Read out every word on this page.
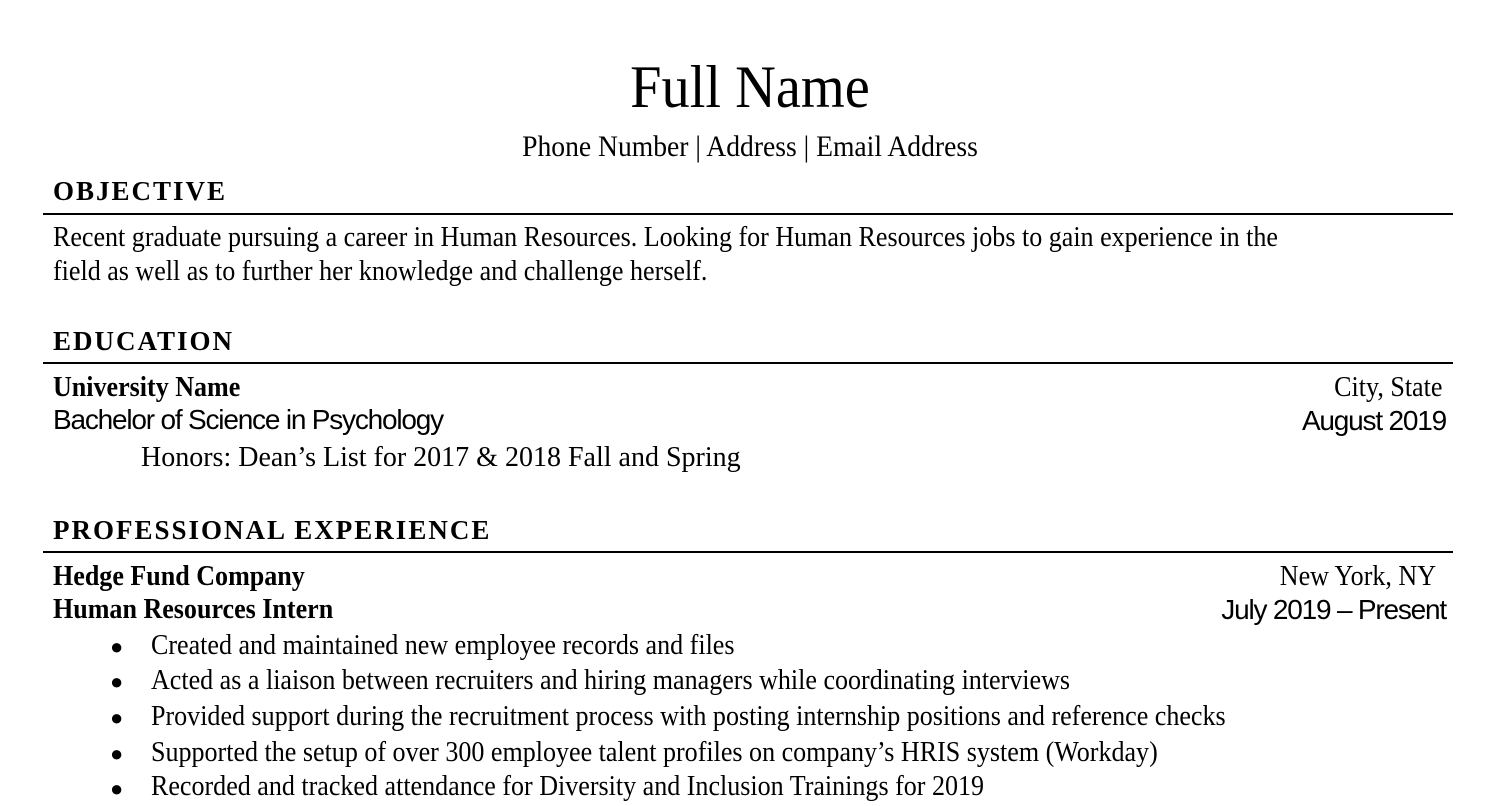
Full Name
Phone Number | Address | Email Address
OBJECTIVE
Recent graduate pursuing a career in Human Resources. Looking for Human Resources jobs to gain experience in the
field as well as to further her knowledge and challenge herself.
EDUCATION
University Name	City, State
Bachelor of Science in Psychology	August 2019
Honors: Dean’s List for 2017 & 2018 Fall and Spring
PROFESSIONAL EXPERIENCE
Hedge Fund Company	New York, NY
Human Resources Intern	July 2019 – Present
● Created and maintained new employee records and files
● Acted as a liaison between recruiters and hiring managers while coordinating interviews
● Provided support during the recruitment process with posting internship positions and reference checks
● Supported the setup of over 300 employee talent profiles on company’s HRIS system (Workday)
● Recorded and tracked attendance for Diversity and Inclusion Trainings for 2019
